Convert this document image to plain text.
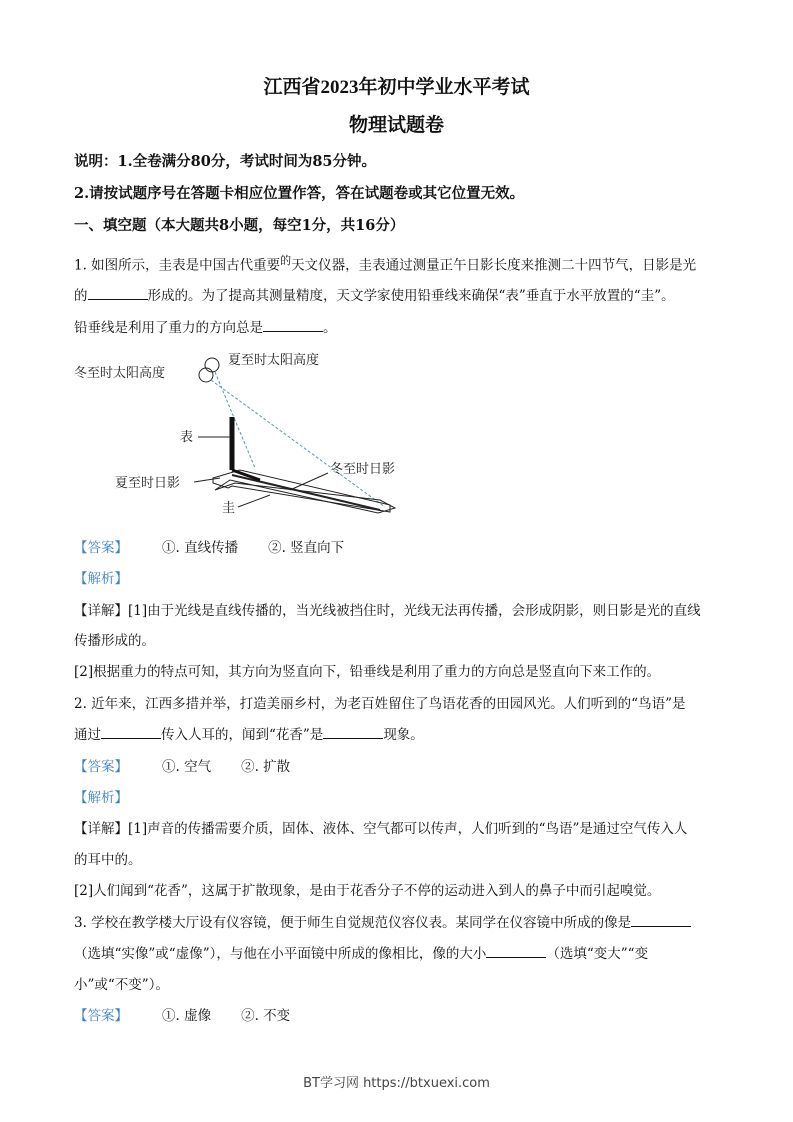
江西省2023年初中学业水平考试
物理试题卷
说明：1.全卷满分80分，考试时间为85分钟。
2.请按试题序号在答题卡相应位置作答，答在试题卷或其它位置无效。
一、填空题（本大题共8小题，每空1分，共16分）
1. 如图所示，圭表是中国古代重要$^的$天文仪器，圭表通过测量正午日影长度来推测二十四节气，日影是光
的	形成的。为了提高其测量精度，天文学家使用铅垂线来确保“表”垂直于水平放置的“圭”。
铅垂线是利用了重力的方向总是	。
冬至时太阳高度
夏至时太阳高度
表
夏至时日影
冬至时日影
圭
【答案】	①. 直线传播 ②. 竖直向下
【解析】
【详解】[1]由于光线是直线传播的，当光线被挡住时，光线无法再传播，会形成阴影，则日影是光的直线
传播形成的。
[2]根据重力的特点可知，其方向为竖直向下，铅垂线是利用了重力的方向总是竖直向下来工作的。
2. 近年来，江西多措并举，打造美丽乡村，为老百姓留住了鸟语花香的田园风光。人们听到的“鸟语”是
通过	传入人耳的，闻到“花香”是	现象。
【答案】	①. 空气 ②. 扩散
【解析】
【详解】[1]声音的传播需要介质，固体、液体、空气都可以传声，人们听到的“鸟语”是通过空气传入人
的耳中的。
[2]人们闻到“花香”，这属于扩散现象，是由于花香分子不停的运动进入到人的鼻子中而引起嗅觉。
3. 学校在教学楼大厅设有仪容镜，便于师生自觉规范仪容仪表。某同学在仪容镜中所成的像是
（选填“实像”或“虚像”），与他在小平面镜中所成的像相比，像的大小	（选填“变大”“变
小”或“不变”）。
【答案】	①. 虚像 ②. 不变
BT学习网 https://btxuexi.com
